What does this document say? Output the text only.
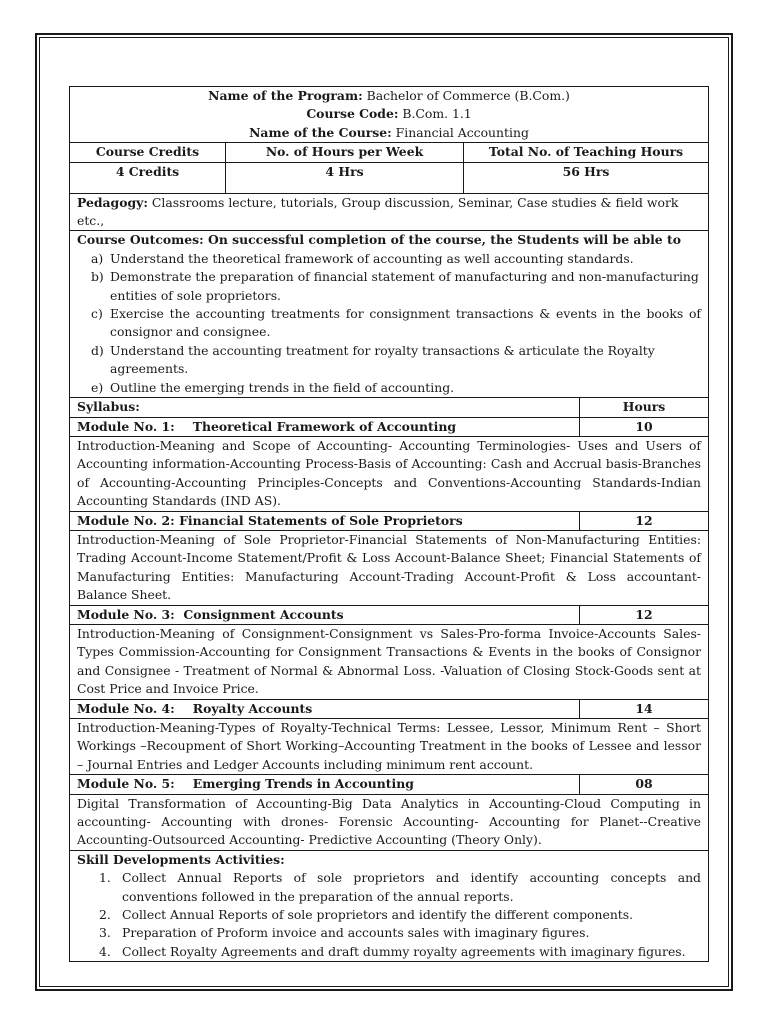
Name of the Program: Bachelor of Commerce (B.Com.)
Course Code: B.Com. 1.1
Name of the Course: Financial Accounting
Course Credits	No. of Hours per Week	Total No. of Teaching Hours
4 Credits	4 Hrs	56 Hrs
Pedagogy: Classrooms lecture, tutorials, Group discussion, Seminar, Case studies & field work etc.,
Course Outcomes: On successful completion of the course, the Students will be able to
a) Understand the theoretical framework of accounting as well accounting standards.
b) Demonstrate the preparation of financial statement of manufacturing and non-manufacturing entities of sole proprietors.
c) Exercise the accounting treatments for consignment transactions & events in the books of consignor and consignee.
d) Understand the accounting treatment for royalty transactions & articulate the Royalty agreements.
e) Outline the emerging trends in the field of accounting.
Syllabus:	Hours
Module No. 1: Theoretical Framework of Accounting	10
Introduction-Meaning and Scope of Accounting- Accounting Terminologies- Uses and Users of Accounting information-Accounting Process-Basis of Accounting: Cash and Accrual basis-Branches of Accounting-Accounting Principles-Concepts and Conventions-Accounting Standards-Indian Accounting Standards (IND AS).
Module No. 2: Financial Statements of Sole Proprietors	12
Introduction-Meaning of Sole Proprietor-Financial Statements of Non-Manufacturing Entities: Trading Account-Income Statement/Profit & Loss Account-Balance Sheet; Financial Statements of Manufacturing Entities: Manufacturing Account-Trading Account-Profit & Loss accountant- Balance Sheet.
Module No. 3: Consignment Accounts	12
Introduction-Meaning of Consignment-Consignment vs Sales-Pro-forma Invoice-Accounts Sales-Types Commission-Accounting for Consignment Transactions & Events in the books of Consignor and Consignee - Treatment of Normal & Abnormal Loss. -Valuation of Closing Stock-Goods sent at Cost Price and Invoice Price.
Module No. 4: Royalty Accounts	14
Introduction-Meaning-Types of Royalty-Technical Terms: Lessee, Lessor, Minimum Rent – Short Workings –Recoupment of Short Working–Accounting Treatment in the books of Lessee and lessor – Journal Entries and Ledger Accounts including minimum rent account.
Module No. 5: Emerging Trends in Accounting	08
Digital Transformation of Accounting-Big Data Analytics in Accounting-Cloud Computing in accounting- Accounting with drones- Forensic Accounting- Accounting for Planet--Creative Accounting-Outsourced Accounting- Predictive Accounting (Theory Only).
Skill Developments Activities:
1. Collect Annual Reports of sole proprietors and identify accounting concepts and conventions followed in the preparation of the annual reports.
2. Collect Annual Reports of sole proprietors and identify the different components.
3. Preparation of Proform invoice and accounts sales with imaginary figures.
4. Collect Royalty Agreements and draft dummy royalty agreements with imaginary figures.
